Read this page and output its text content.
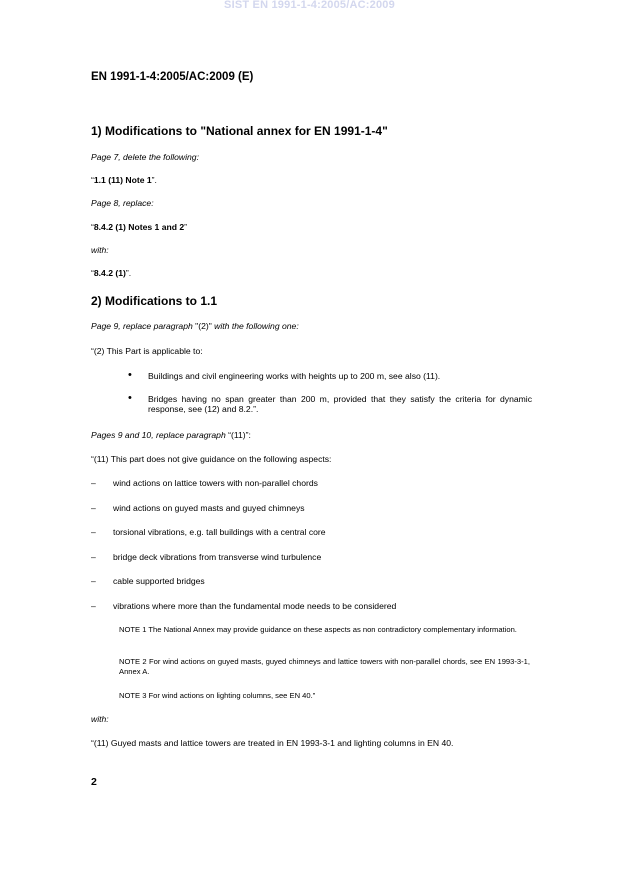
SIST EN 1991-1-4:2005/AC:2009
EN 1991-1-4:2005/AC:2009 (E)
1) Modifications to "National annex for EN 1991-1-4"
Page 7, delete the following:
“1.1 (11) Note 1”.
Page 8, replace:
“8.4.2 (1) Notes 1 and 2”
with:
“8.4.2 (1)”.
2) Modifications to 1.1
Page 9, replace paragraph "(2)" with the following one:
“(2) This Part is applicable to:
• Buildings and civil engineering works with heights up to 200 m, see also (11).
• Bridges having no span greater than 200 m, provided that they satisfy the criteria for dynamic response, see (12) and 8.2.”.
Pages 9 and 10, replace paragraph “(11)”:
“(11) This part does not give guidance on the following aspects:
– wind actions on lattice towers with non-parallel chords
– wind actions on guyed masts and guyed chimneys
– torsional vibrations, e.g. tall buildings with a central core
– bridge deck vibrations from transverse wind turbulence
– cable supported bridges
– vibrations where more than the fundamental mode needs to be considered
NOTE 1 The National Annex may provide guidance on these aspects as non contradictory complementary information.
NOTE 2 For wind actions on guyed masts, guyed chimneys and lattice towers with non-parallel chords, see EN 1993-3-1, Annex A.
NOTE 3 For wind actions on lighting columns, see EN 40.”
with:
“(11) Guyed masts and lattice towers are treated in EN 1993-3-1 and lighting columns in EN 40.
2
